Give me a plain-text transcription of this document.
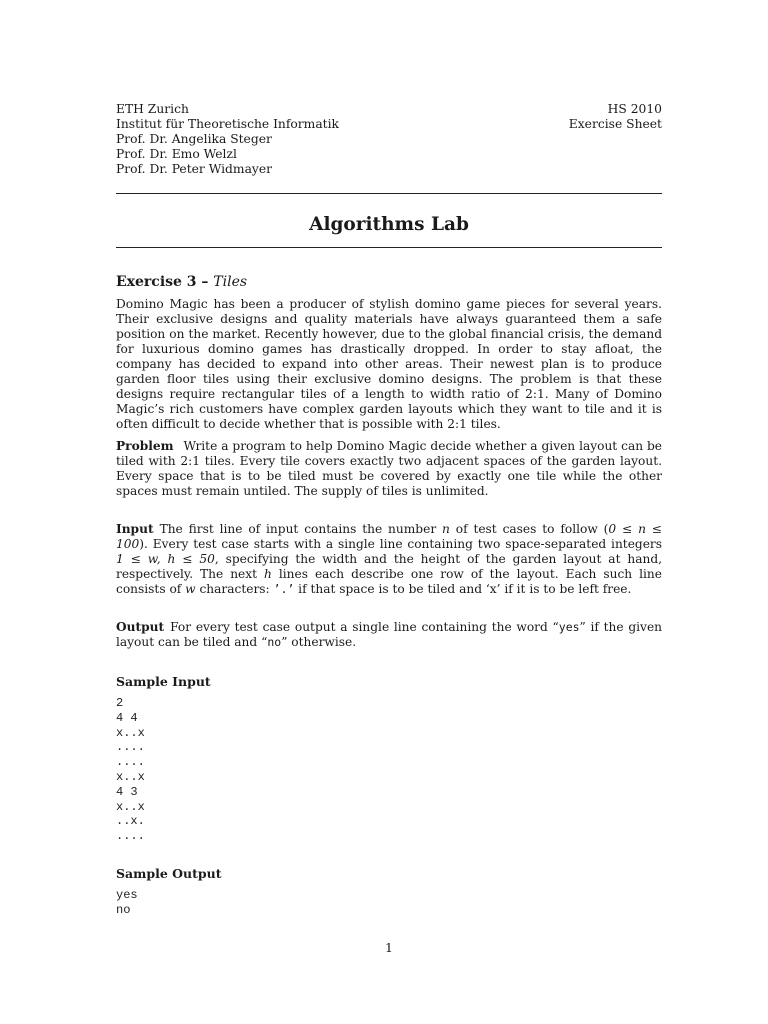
ETH Zurich
Institut für Theoretische Informatik
Prof. Dr. Angelika Steger
Prof. Dr. Emo Welzl
Prof. Dr. Peter Widmayer
HS 2010
Exercise Sheet
Algorithms Lab
Exercise 3 – Tiles

Domino Magic has been a producer of stylish domino game pieces for several years. Their exclusive designs and quality materials have always guaranteed them a safe position on the market. Recently however, due to the global financial crisis, the demand for luxurious domino games has drastically dropped. In order to stay afloat, the company has decided to expand into other areas. Their newest plan is to produce garden floor tiles using their exclusive domino designs. The problem is that these designs require rectangular tiles of a length to width ratio of 2:1. Many of Domino Magic’s rich customers have complex garden layouts which they want to tile and it is often difficult to decide whether that is possible with 2:1 tiles.

Problem Write a program to help Domino Magic decide whether a given layout can be tiled with 2:1 tiles. Every tile covers exactly two adjacent spaces of the garden layout. Every space that is to be tiled must be covered by exactly one tile while the other spaces must remain untiled. The supply of tiles is unlimited.

Input The first line of input contains the number n of test cases to follow (0 ≤ n ≤ 100). Every test case starts with a single line containing two space-separated integers 1 ≤ w, h ≤ 50, specifying the width and the height of the garden layout at hand, respectively. The next h lines each describe one row of the layout. Each such line consists of w characters: ’.’ if that space is to be tiled and ‘x’ if it is to be left free.

Output For every test case output a single line containing the word “yes” if the given layout can be tiled and “no” otherwise.

Sample Input
2
4 4
x..x
....
....
x..x
4 3
x..x
..x.
....
Sample Output
yes
no
1
